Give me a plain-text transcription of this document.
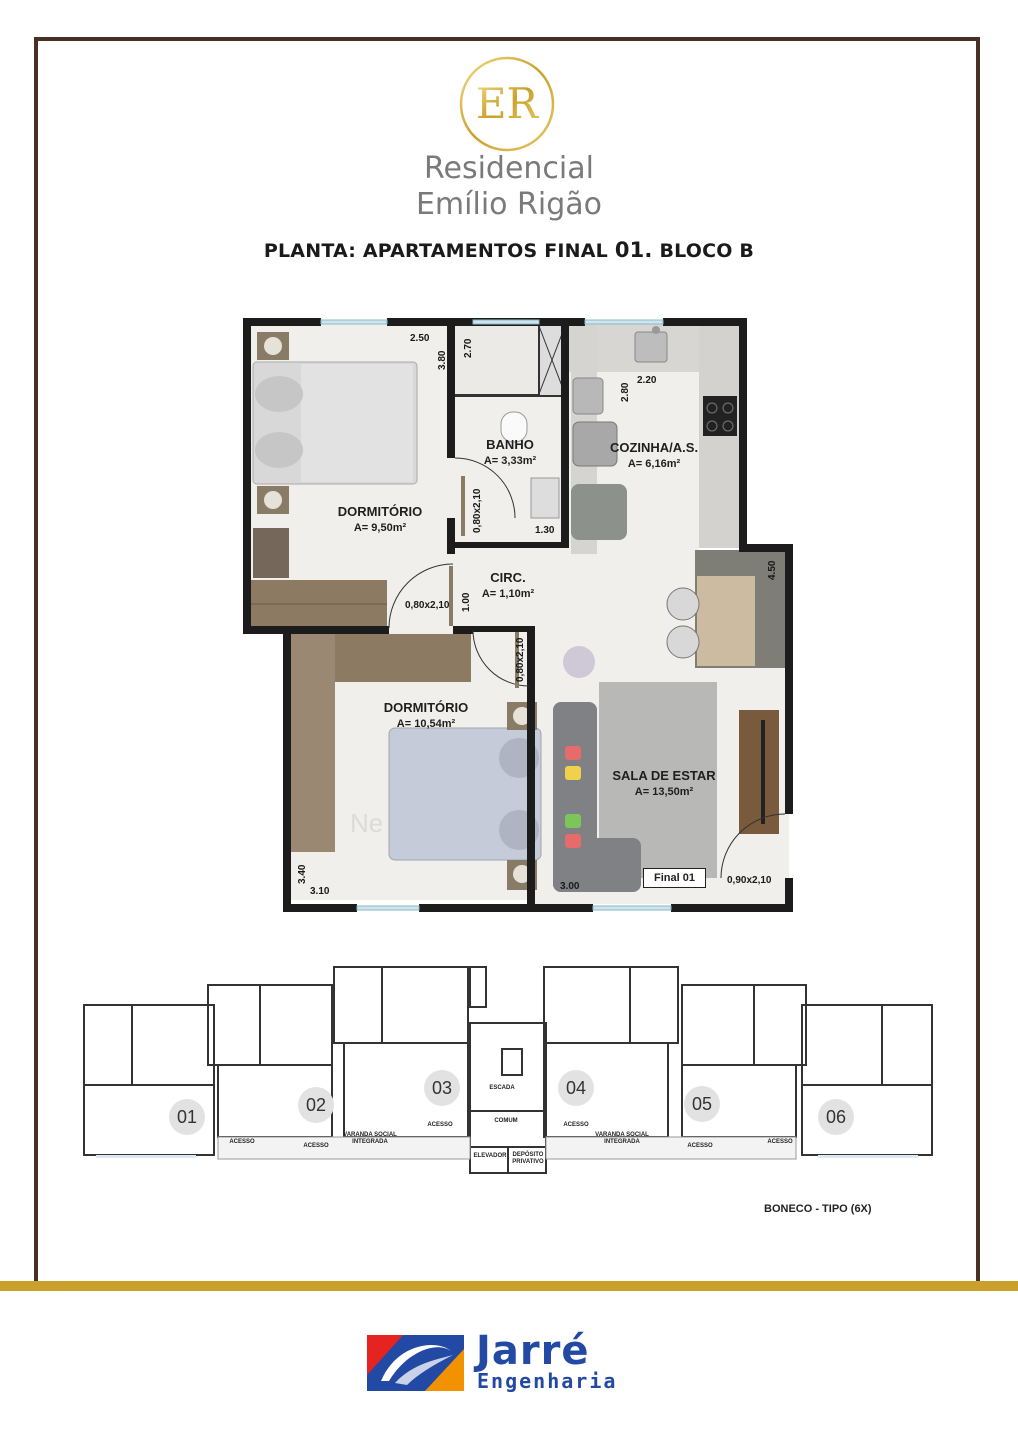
ER
Residencial
Emílio Rigão
PLANTA: APARTAMENTOS FINAL 01. BLOCO B
DORMITÓRIO
A= 9,50m²
BANHO
A= 3,33m²
COZINHA/A.S.
A= 6,16m²
CIRC.
A= 1,10m²
DORMITÓRIO
A= 10,54m²
SALA DE ESTAR
A= 13,50m²
2.50
3.80
2.70
2.20
2.80
0,80x2,10	1.30
4.50
0,80x2,10 1.00
0,80x2,10
3.40
3.10	3.00
0,90x2,10
Ne
Final 01
01
02
03	04
05
06
ESCADA
COMUM
ELEVADOR	DEPÓSITO PRIVATIVO
VARANDA SOCIAL INTEGRADA
VARANDA SOCIAL INTEGRADA
ACESSO
ACESSO
ACESSO	ACESSO
ACESSO
ACESSO
BONECO - TIPO (6X)
Jarré
Engenharia
